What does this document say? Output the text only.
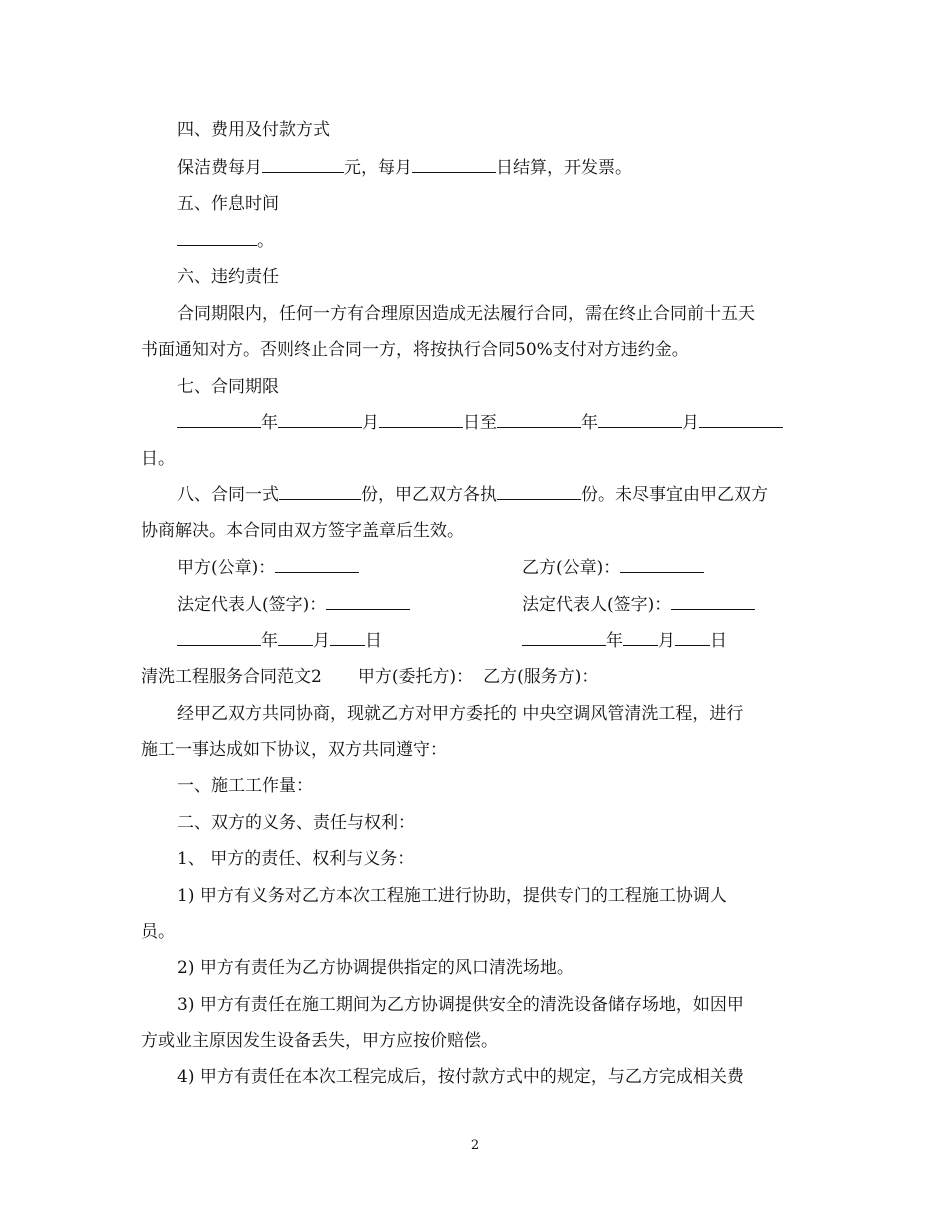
四、费用及付款方式

保洁费每月	元，每月	日结算，开发票。

五、作息时间

。

六、违约责任

合同期限内，任何一方有合理原因造成无法履行合同，需在终止合同前十五天

书面通知对方。否则终止合同一方，将按执行合同50%支付对方违约金。

七、合同期限

年	月	日至	年	月

日。

八、合同一式	份，甲乙双方各执	份。未尽事宜由甲乙双方

协商解决。本合同由双方签字盖章后生效。

甲方(公章)：	乙方(公章)：

法定代表人(签字)：	法定代表人(签字)：

年 月 日	年 月 日

清洗工程服务合同范文2 甲方(委托方)： 乙方(服务方)：

经甲乙双方共同协商，现就乙方对甲方委托的 中央空调风管清洗工程，进行

施工一事达成如下协议，双方共同遵守：

一、施工工作量：

二、双方的义务、责任与权利：

1、 甲方的责任、权利与义务：

1) 甲方有义务对乙方本次工程施工进行协助，提供专门的工程施工协调人

员。

2) 甲方有责任为乙方协调提供指定的风口清洗场地。

3) 甲方有责任在施工期间为乙方协调提供安全的清洗设备储存场地，如因甲

方或业主原因发生设备丢失，甲方应按价赔偿。

4) 甲方有责任在本次工程完成后，按付款方式中的规定，与乙方完成相关费

2
